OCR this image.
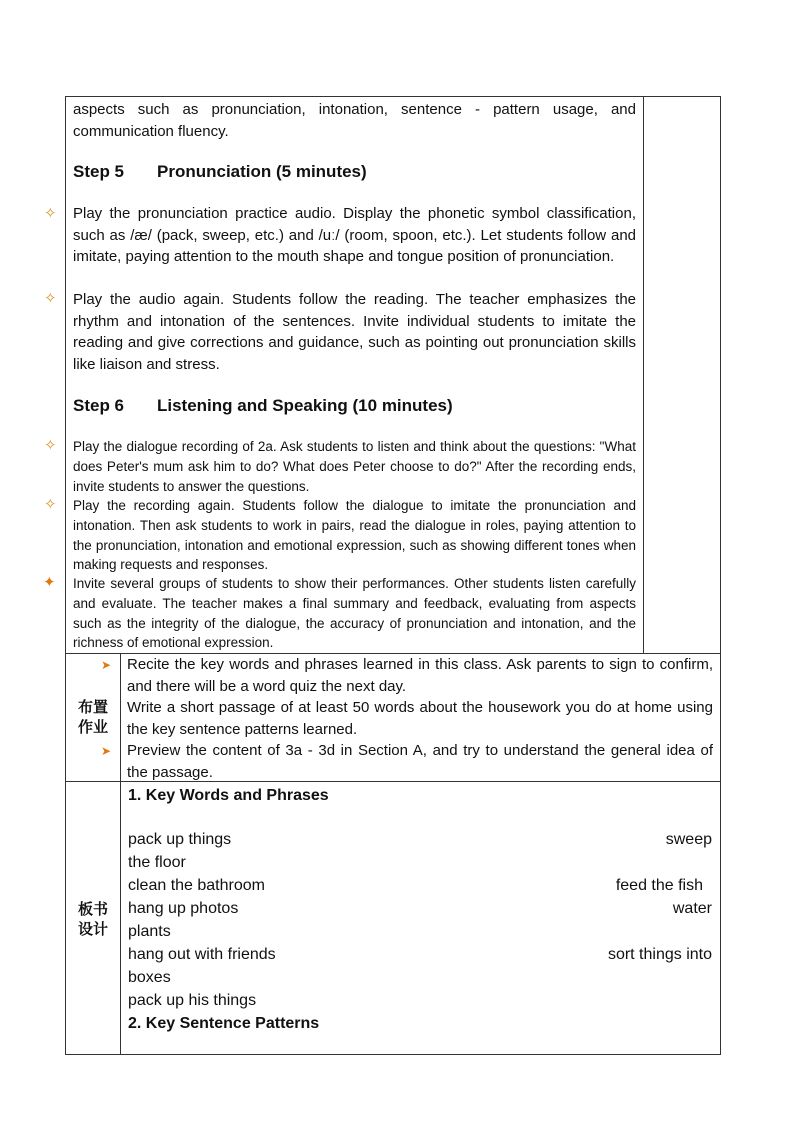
aspects such as pronunciation, intonation, sentence - pattern usage, and communication fluency.
Step 5 Pronunciation (5 minutes)
✧ Play the pronunciation practice audio. Display the phonetic symbol classification, such as /æ/ (pack, sweep, etc.) and /uː/ (room, spoon, etc.). Let students follow and imitate, paying attention to the mouth shape and tongue position of pronunciation.
✧ Play the audio again. Students follow the reading. The teacher emphasizes the rhythm and intonation of the sentences. Invite individual students to imitate the reading and give corrections and guidance, such as pointing out pronunciation skills like liaison and stress.
Step 6 Listening and Speaking (10 minutes)
✧ Play the dialogue recording of 2a. Ask students to listen and think about the questions: "What does Peter's mum ask him to do? What does Peter choose to do?" After the recording ends, invite students to answer the questions.
✧ Play the recording again. Students follow the dialogue to imitate the pronunciation and intonation. Then ask students to work in pairs, read the dialogue in roles, paying attention to the pronunciation, intonation and emotional expression, such as showing different tones when making requests and responses.
✦ Invite several groups of students to show their performances. Other students listen carefully and evaluate. The teacher makes a final summary and feedback, evaluating from aspects such as the integrity of the dialogue, the accuracy of pronunciation and intonation, and the richness of emotional expression.
布置
作业
➤ Recite the key words and phrases learned in this class. Ask parents to sign to confirm, and there will be a word quiz the next day.
Write a short passage of at least 50 words about the housework you do at home using the key sentence patterns learned.
➤ Preview the content of 3a - 3d in Section A, and try to understand the general idea of the passage.
板书
设计
1. Key Words and Phrases
pack up things	sweep
the floor
clean the bathroom	feed the fish
hang up photos	water
plants
hang out with friends	sort things into
boxes
pack up his things
2. Key Sentence Patterns
